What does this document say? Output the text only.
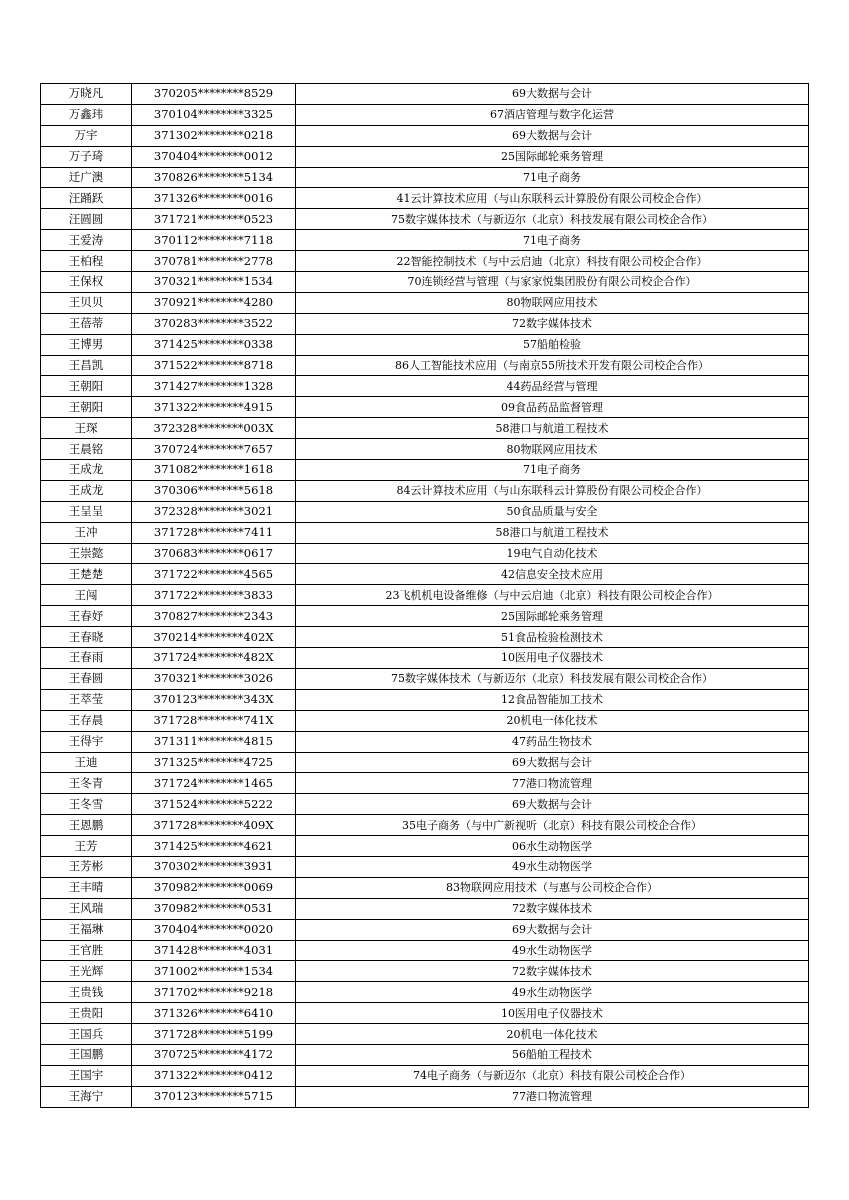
万晓凡	370205********8529	69大数据与会计
万鑫玮	370104********3325	67酒店管理与数字化运营
万宇	371302********0218	69大数据与会计
万子琦	370404********0012	25国际邮轮乘务管理
迁广澳	370826********5134	71电子商务
汪踊跃	371326********0016	41云计算技术应用（与山东联科云计算股份有限公司校企合作）
汪圆圆	371721********0523	75数字媒体技术（与新迈尔（北京）科技发展有限公司校企合作）
王爱涛	370112********7118	71电子商务
王柏程	370781********2778	22智能控制技术（与中云启迪（北京）科技有限公司校企合作）
王保权	370321********1534	70连锁经营与管理（与家家悦集团股份有限公司校企合作）
王贝贝	370921********4280	80物联网应用技术
王蓓蒂	370283********3522	72数字媒体技术
王博男	371425********0338	57船舶检验
王昌凯	371522********8718	86人工智能技术应用（与南京55所技术开发有限公司校企合作）
王朝阳	371427********1328	44药品经营与管理
王朝阳	371322********4915	09食品药品监督管理
王琛	372328********003X	58港口与航道工程技术
王晨铭	370724********7657	80物联网应用技术
王成龙	371082********1618	71电子商务
王成龙	370306********5618	84云计算技术应用（与山东联科云计算股份有限公司校企合作）
王呈呈	372328********3021	50食品质量与安全
王冲	371728********7411	58港口与航道工程技术
王崇懿	370683********0617	19电气自动化技术
王楚楚	371722********4565	42信息安全技术应用
王闯	371722********3833	23飞机机电设备维修（与中云启迪（北京）科技有限公司校企合作）
王春妤	370827********2343	25国际邮轮乘务管理
王春晓	370214********402X	51食品检验检测技术
王春雨	371724********482X	10医用电子仪器技术
王春圆	370321********3026	75数字媒体技术（与新迈尔（北京）科技发展有限公司校企合作）
王萃莹	370123********343X	12食品智能加工技术
王存晨	371728********741X	20机电一体化技术
王得宇	371311********4815	47药品生物技术
王迪	371325********4725	69大数据与会计
王冬青	371724********1465	77港口物流管理
王冬雪	371524********5222	69大数据与会计
王恩鹏	371728********409X	35电子商务（与中广新视听（北京）科技有限公司校企合作）
王芳	371425********4621	06水生动物医学
王芳彬	370302********3931	49水生动物医学
王丰晴	370982********0069	83物联网应用技术（与惠与公司校企合作）
王风瑞	370982********0531	72数字媒体技术
王福琳	370404********0020	69大数据与会计
王官胜	371428********4031	49水生动物医学
王光辉	371002********1534	72数字媒体技术
王贵钱	371702********9218	49水生动物医学
王贵阳	371326********6410	10医用电子仪器技术
王国兵	371728********5199	20机电一体化技术
王国鹏	370725********4172	56船舶工程技术
王国宇	371322********0412	74电子商务（与新迈尔（北京）科技有限公司校企合作）
王海宁	370123********5715	77港口物流管理
